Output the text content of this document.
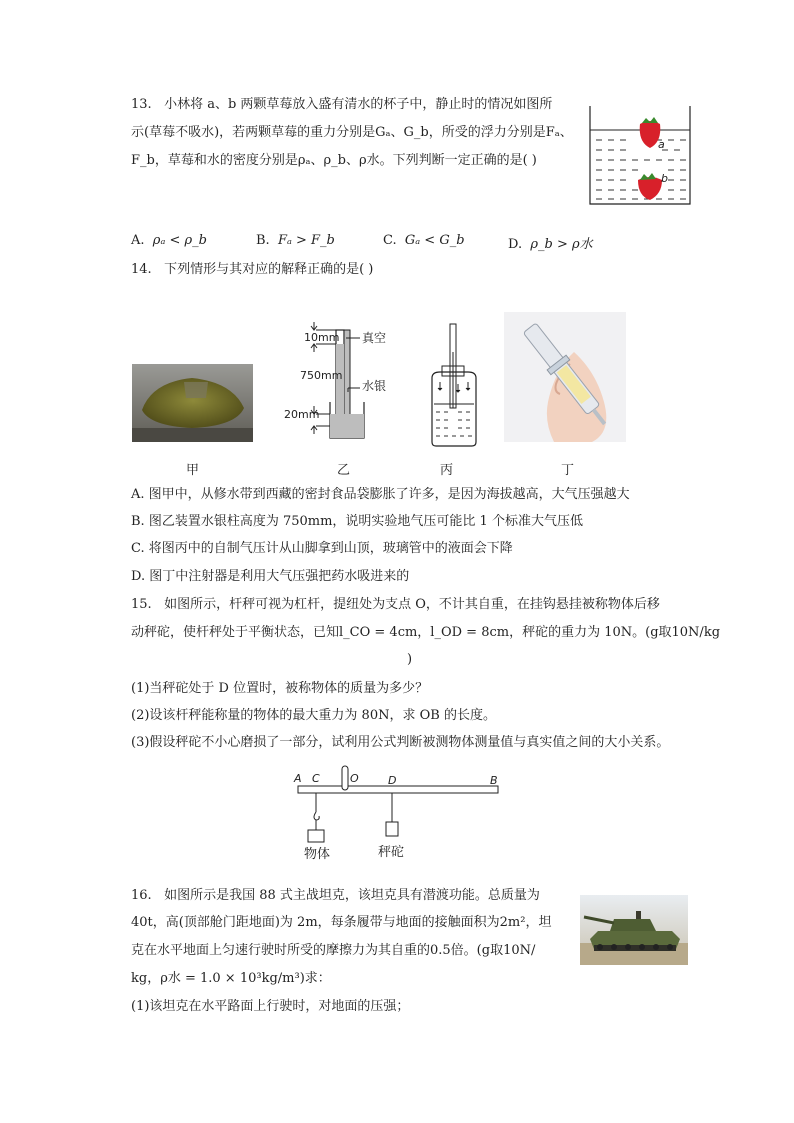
13. 小林将 a、b 两颗草莓放入盛有清水的杯子中，静止时的情况如图所
示(草莓不吸水)，若两颗草莓的重力分别是Gₐ、G_b，所受的浮力分别是Fₐ、
F_b，草莓和水的密度分别是ρₐ、ρ_b、ρ水。下列判断一定正确的是( )
a
b
A. ρₐ < ρ_b	B. Fₐ > F_b	C. Gₐ < G_b	D. ρ_b > ρ水
14. 下列情形与其对应的解释正确的是( )
10mm 真空
750mm
水银
20mm
甲	乙	丙	丁
A. 图甲中，从修水带到西藏的密封食品袋膨胀了许多，是因为海拔越高，大气压强越大
B. 图乙装置水银柱高度为 750mm，说明实验地气压可能比 1 个标准大气压低
C. 将图丙中的自制气压计从山脚拿到山顶，玻璃管中的液面会下降
D. 图丁中注射器是利用大气压强把药水吸进来的
15. 如图所示，杆秤可视为杠杆，提纽处为支点 O，不计其自重，在挂钩悬挂被称物体后移
动秤砣，使杆秤处于平衡状态，已知l_CO = 4cm，l_OD = 8cm，秤砣的重力为 10N。(g取10N/kg
)
(1)当秤砣处于 D 位置时，被称物体的质量为多少？
(2)设该杆秤能称量的物体的最大重力为 80N，求 OB 的长度。
(3)假设秤砣不小心磨损了一部分，试利用公式判断被测物体测量值与真实值之间的大小关系。
A C	O	D	B
物体	秤砣
16. 如图所示是我国 88 式主战坦克，该坦克具有潜渡功能。总质量为
40t，高(顶部舱门距地面)为 2m，每条履带与地面的接触面积为2m²，坦
克在水平地面上匀速行驶时所受的摩擦力为其自重的0.5倍。(g取10N/
kg，ρ水 = 1.0 × 10³kg/m³)求：
(1)该坦克在水平路面上行驶时，对地面的压强；
